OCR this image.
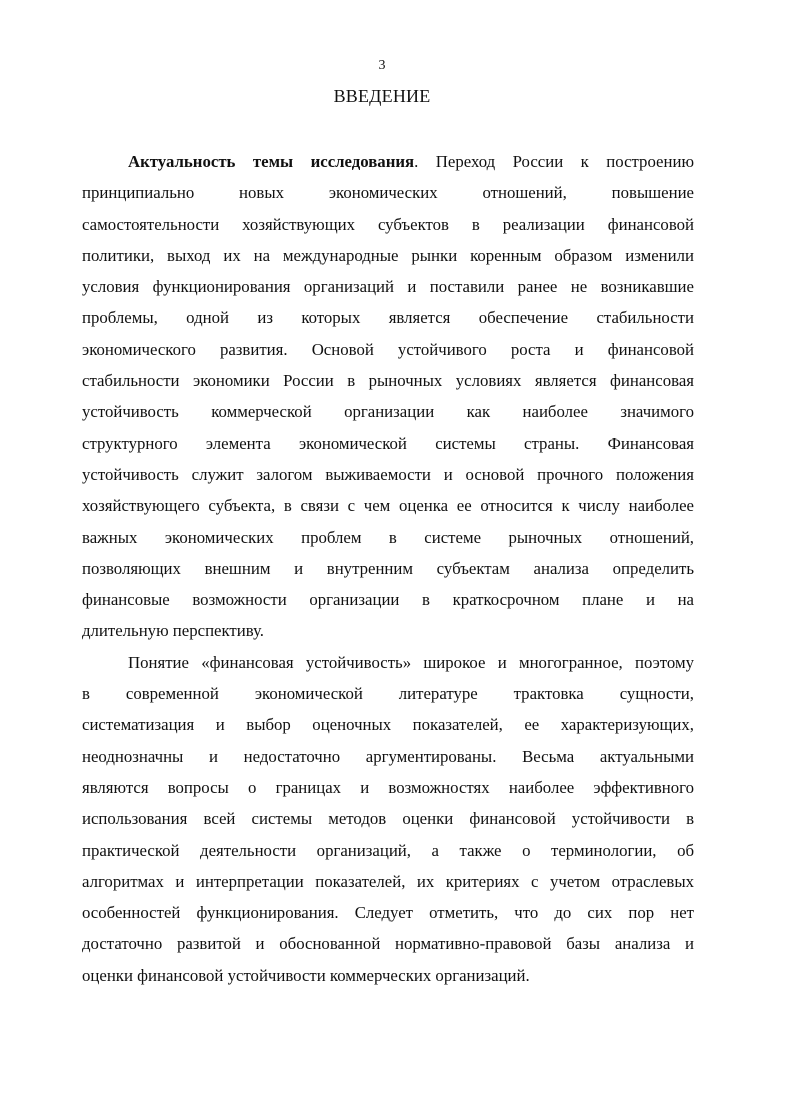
3
ВВЕДЕНИЕ
Актуальность темы исследования. Переход России к построению
принципиально новых экономических отношений, повышение
самостоятельности хозяйствующих субъектов в реализации финансовой
политики, выход их на международные рынки коренным образом изменили
условия функционирования организаций и поставили ранее не возникавшие
проблемы, одной из которых является обеспечение стабильности
экономического развития. Основой устойчивого роста и финансовой
стабильности экономики России в рыночных условиях является финансовая
устойчивость коммерческой организации как наиболее значимого
структурного элемента экономической системы страны. Финансовая
устойчивость служит залогом выживаемости и основой прочного положения
хозяйствующего субъекта, в связи с чем оценка ее относится к числу наиболее
важных экономических проблем в системе рыночных отношений,
позволяющих внешним и внутренним субъектам анализа определить
финансовые возможности организации в краткосрочном плане и на
длительную перспективу.
Понятие «финансовая устойчивость» широкое и многогранное, поэтому
в современной экономической литературе трактовка сущности,
систематизация и выбор оценочных показателей, ее характеризующих,
неоднозначны и недостаточно аргументированы. Весьма актуальными
являются вопросы о границах и возможностях наиболее эффективного
использования всей системы методов оценки финансовой устойчивости в
практической деятельности организаций, а также о терминологии, об
алгоритмах и интерпретации показателей, их критериях с учетом отраслевых
особенностей функционирования. Следует отметить, что до сих пор нет
достаточно развитой и обоснованной нормативно-правовой базы анализа и
оценки финансовой устойчивости коммерческих организаций.
